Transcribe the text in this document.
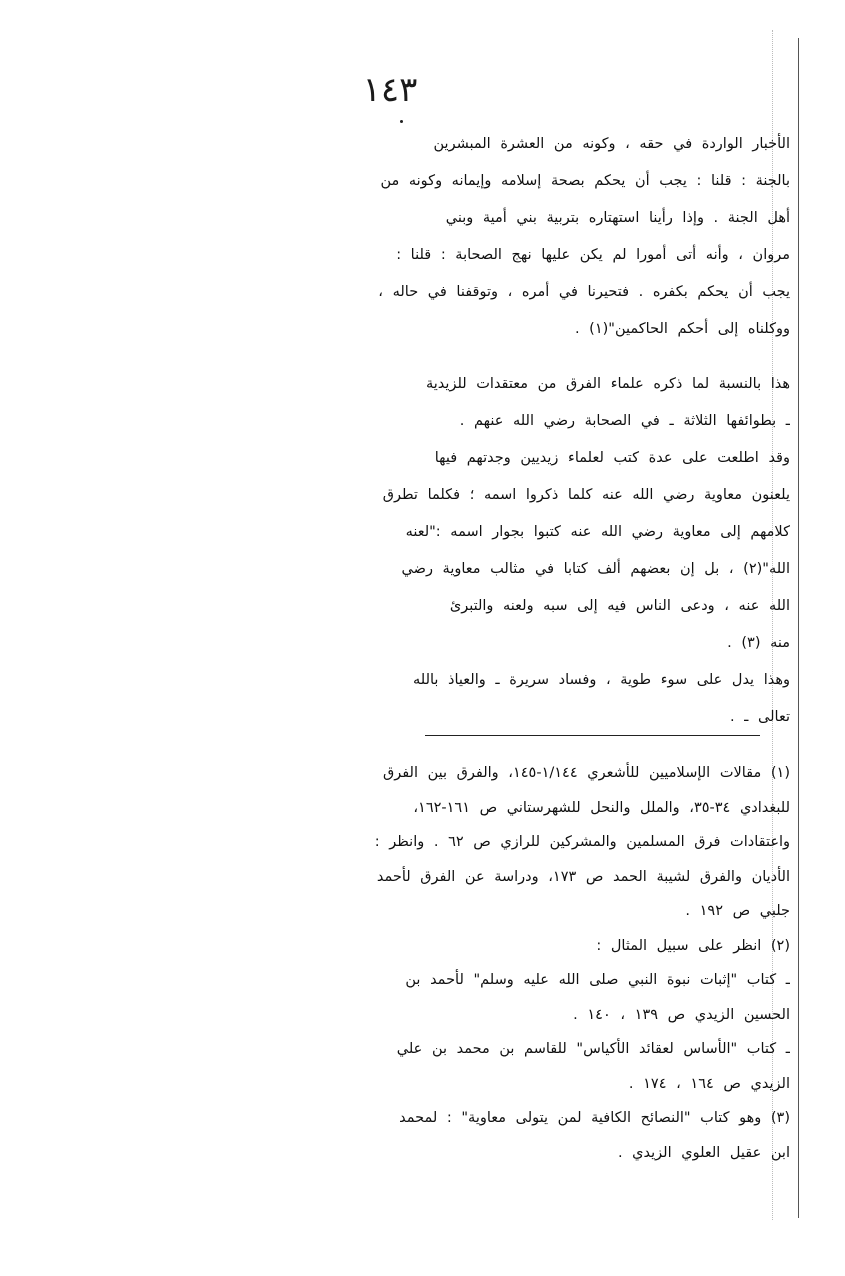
١٤٣
الأخبار الواردة في حقه ، وكونه من العشرة المبشرين
بالجنة : قلنا : يجب أن يحكم بصحة إسلامه وإيمانه وكونه من
أهل الجنة . وإذا رأينا استهتاره بتربية بني أمية وبني
مروان ، وأنه أتى أمورا لم يكن عليها نهج الصحابة : قلنا :
يجب أن يحكم بكفره . فتحيرنا في أمره ، وتوقفنا في حاله ،
ووكلناه إلى أحكم الحاكمين"(١) .
هذا بالنسبة لما ذكره علماء الفرق من معتقدات للزيدية
ـ بطوائفها الثلاثة ـ في الصحابة رضي الله عنهم .
وقد اطلعت على عدة كتب لعلماء زيديين وجدتهم فيها
يلعنون معاوية رضي الله عنه كلما ذكروا اسمه ؛ فكلما تطرق
كلامهم إلى معاوية رضي الله عنه كتبوا بجوار اسمه :"لعنه
الله"(٢) ، بل إن بعضهم ألف كتابا في مثالب معاوية رضي
الله عنه ، ودعى الناس فيه إلى سبه ولعنه والتبرئ
منه (٣) .
وهذا يدل على سوء طوية ، وفساد سريرة ـ والعياذ بالله
تعالى ـ .
(١) مقالات الإسلاميين للأشعري ١/١٤٤-١٤٥، والفرق بين الفرق
للبغدادي ٣٤-٣٥، والملل والنحل للشهرستاني ص ١٦١-١٦٢،
واعتقادات فرق المسلمين والمشركين للرازي ص ٦٢ . وانظر :
الأديان والفرق لشيبة الحمد ص ١٧٣، ودراسة عن الفرق لأحمد
جلبي ص ١٩٢ .
(٢) انظر على سبيل المثال :
ـ كتاب "إثبات نبوة النبي صلى الله عليه وسلم" لأحمد بن
الحسين الزيدي ص ١٣٩ ، ١٤٠ .
ـ كتاب "الأساس لعقائد الأكياس" للقاسم بن محمد بن علي
الزيدي ص ١٦٤ ، ١٧٤ .
(٣) وهو كتاب "النصائح الكافية لمن يتولى معاوية" : لمحمد
ابن عقيل العلوي الزيدي .
